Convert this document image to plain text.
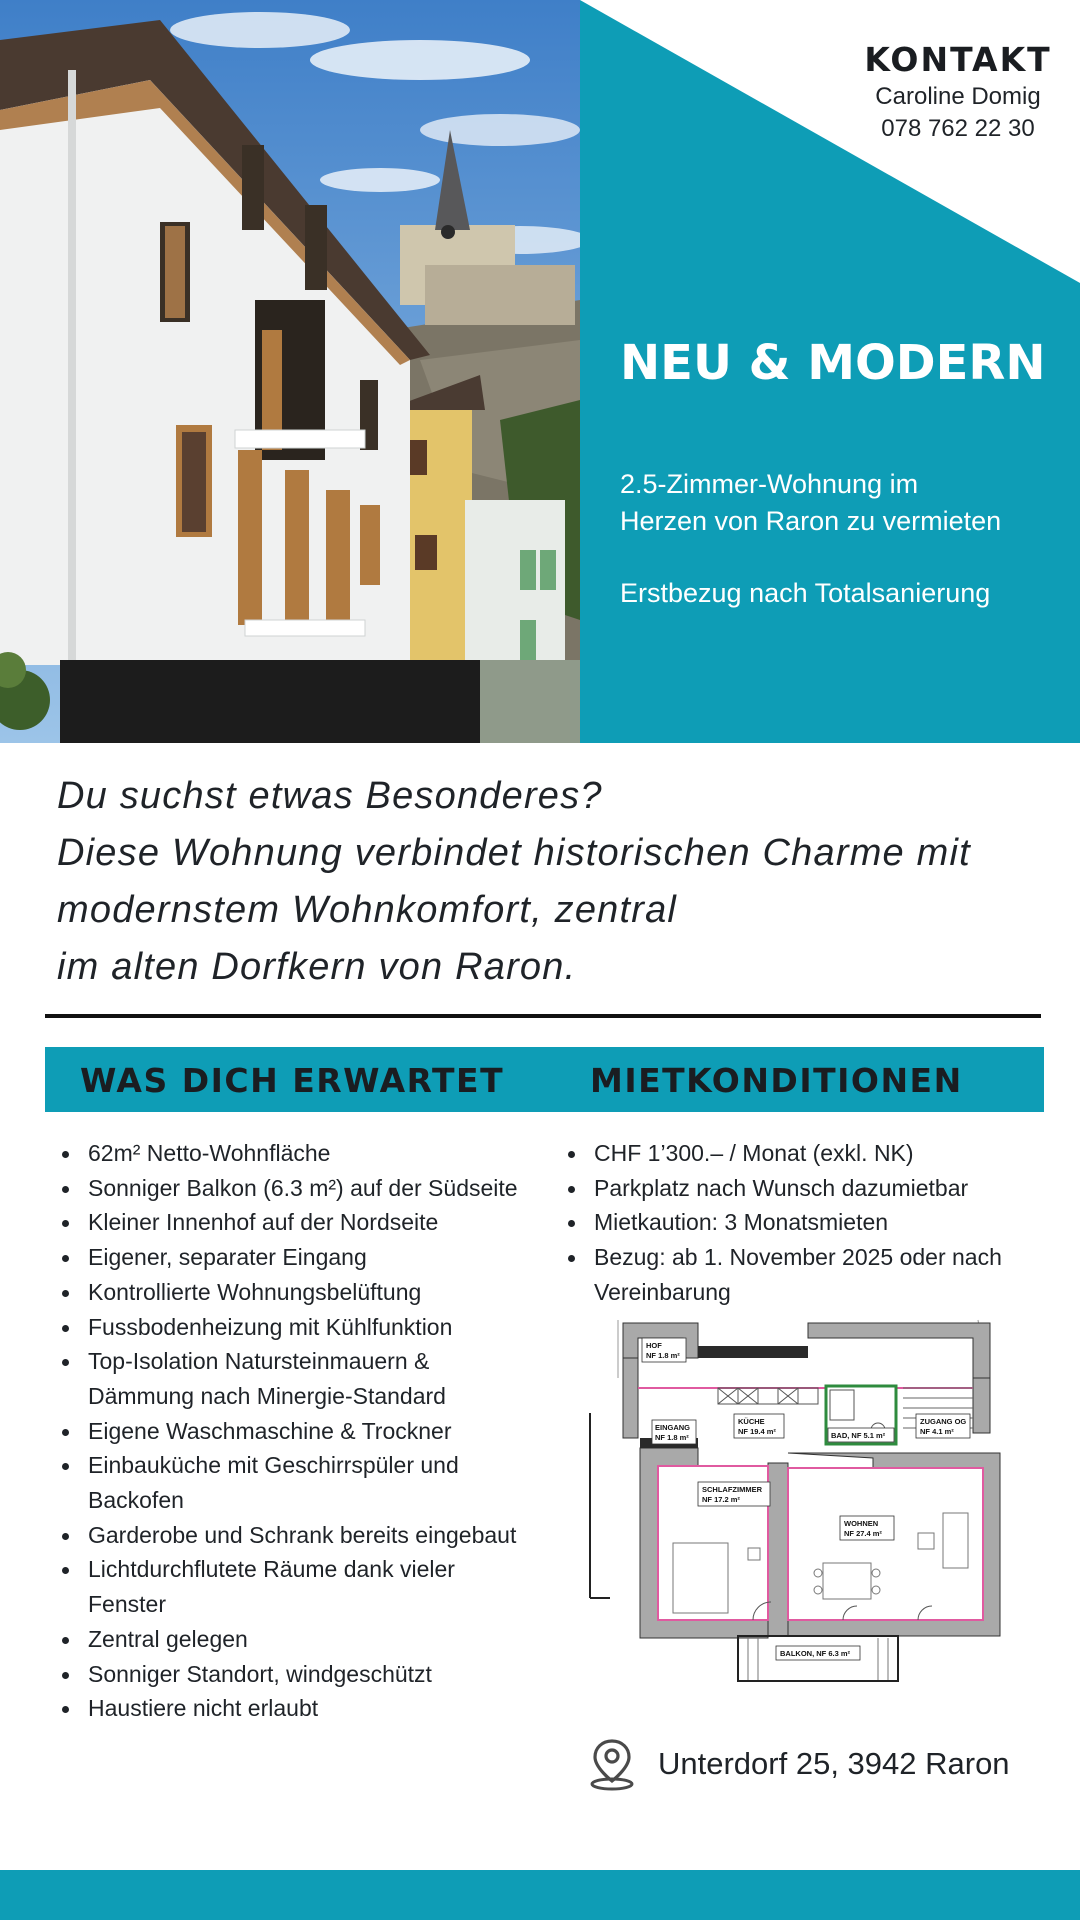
KONTAKT
Caroline Domig
078 762 22 30
NEU & MODERN
2.5-Zimmer-Wohnung im
Herzen von Raron zu vermieten
Erstbezug nach Totalsanierung
Du suchst etwas Besonderes?
Diese Wohnung verbindet historischen Charme mit
modernstem Wohnkomfort, zentral
im alten Dorfkern von Raron.
WAS DICH ERWARTET	MIETKONDITIONEN
62m² Netto-Wohnfläche
Sonniger Balkon (6.3 m²) auf der Südseite
Kleiner Innenhof auf der Nordseite
Eigener, separater Eingang
Kontrollierte Wohnungsbelüftung
Fussbodenheizung mit Kühlfunktion
Top-Isolation Natursteinmauern & Dämmung nach Minergie-Standard
Eigene Waschmaschine & Trockner
Einbauküche mit Geschirrspüler und Backofen
Garderobe und Schrank bereits eingebaut
Lichtdurchflutete Räume dank vieler Fenster
Zentral gelegen
Sonniger Standort, windgeschützt
Haustiere nicht erlaubt
CHF 1’300.– / Monat (exkl. NK)
Parkplatz nach Wunsch dazumietbar
Mietkaution: 3 Monatsmieten
Bezug: ab 1. November 2025 oder nach Vereinbarung
HOF
NF 1.8 m²
KÜCHE
NF 19.4 m²	BAD, NF 5.1 m²
ZUGANG OG
NF 4.1 m²
EINGANG
NF 1.8 m²
SCHLAFZIMMER
NF 17.2 m²
WOHNEN
NF 27.4 m²
BALKON, NF 6.3 m²
Unterdorf 25, 3942 Raron
